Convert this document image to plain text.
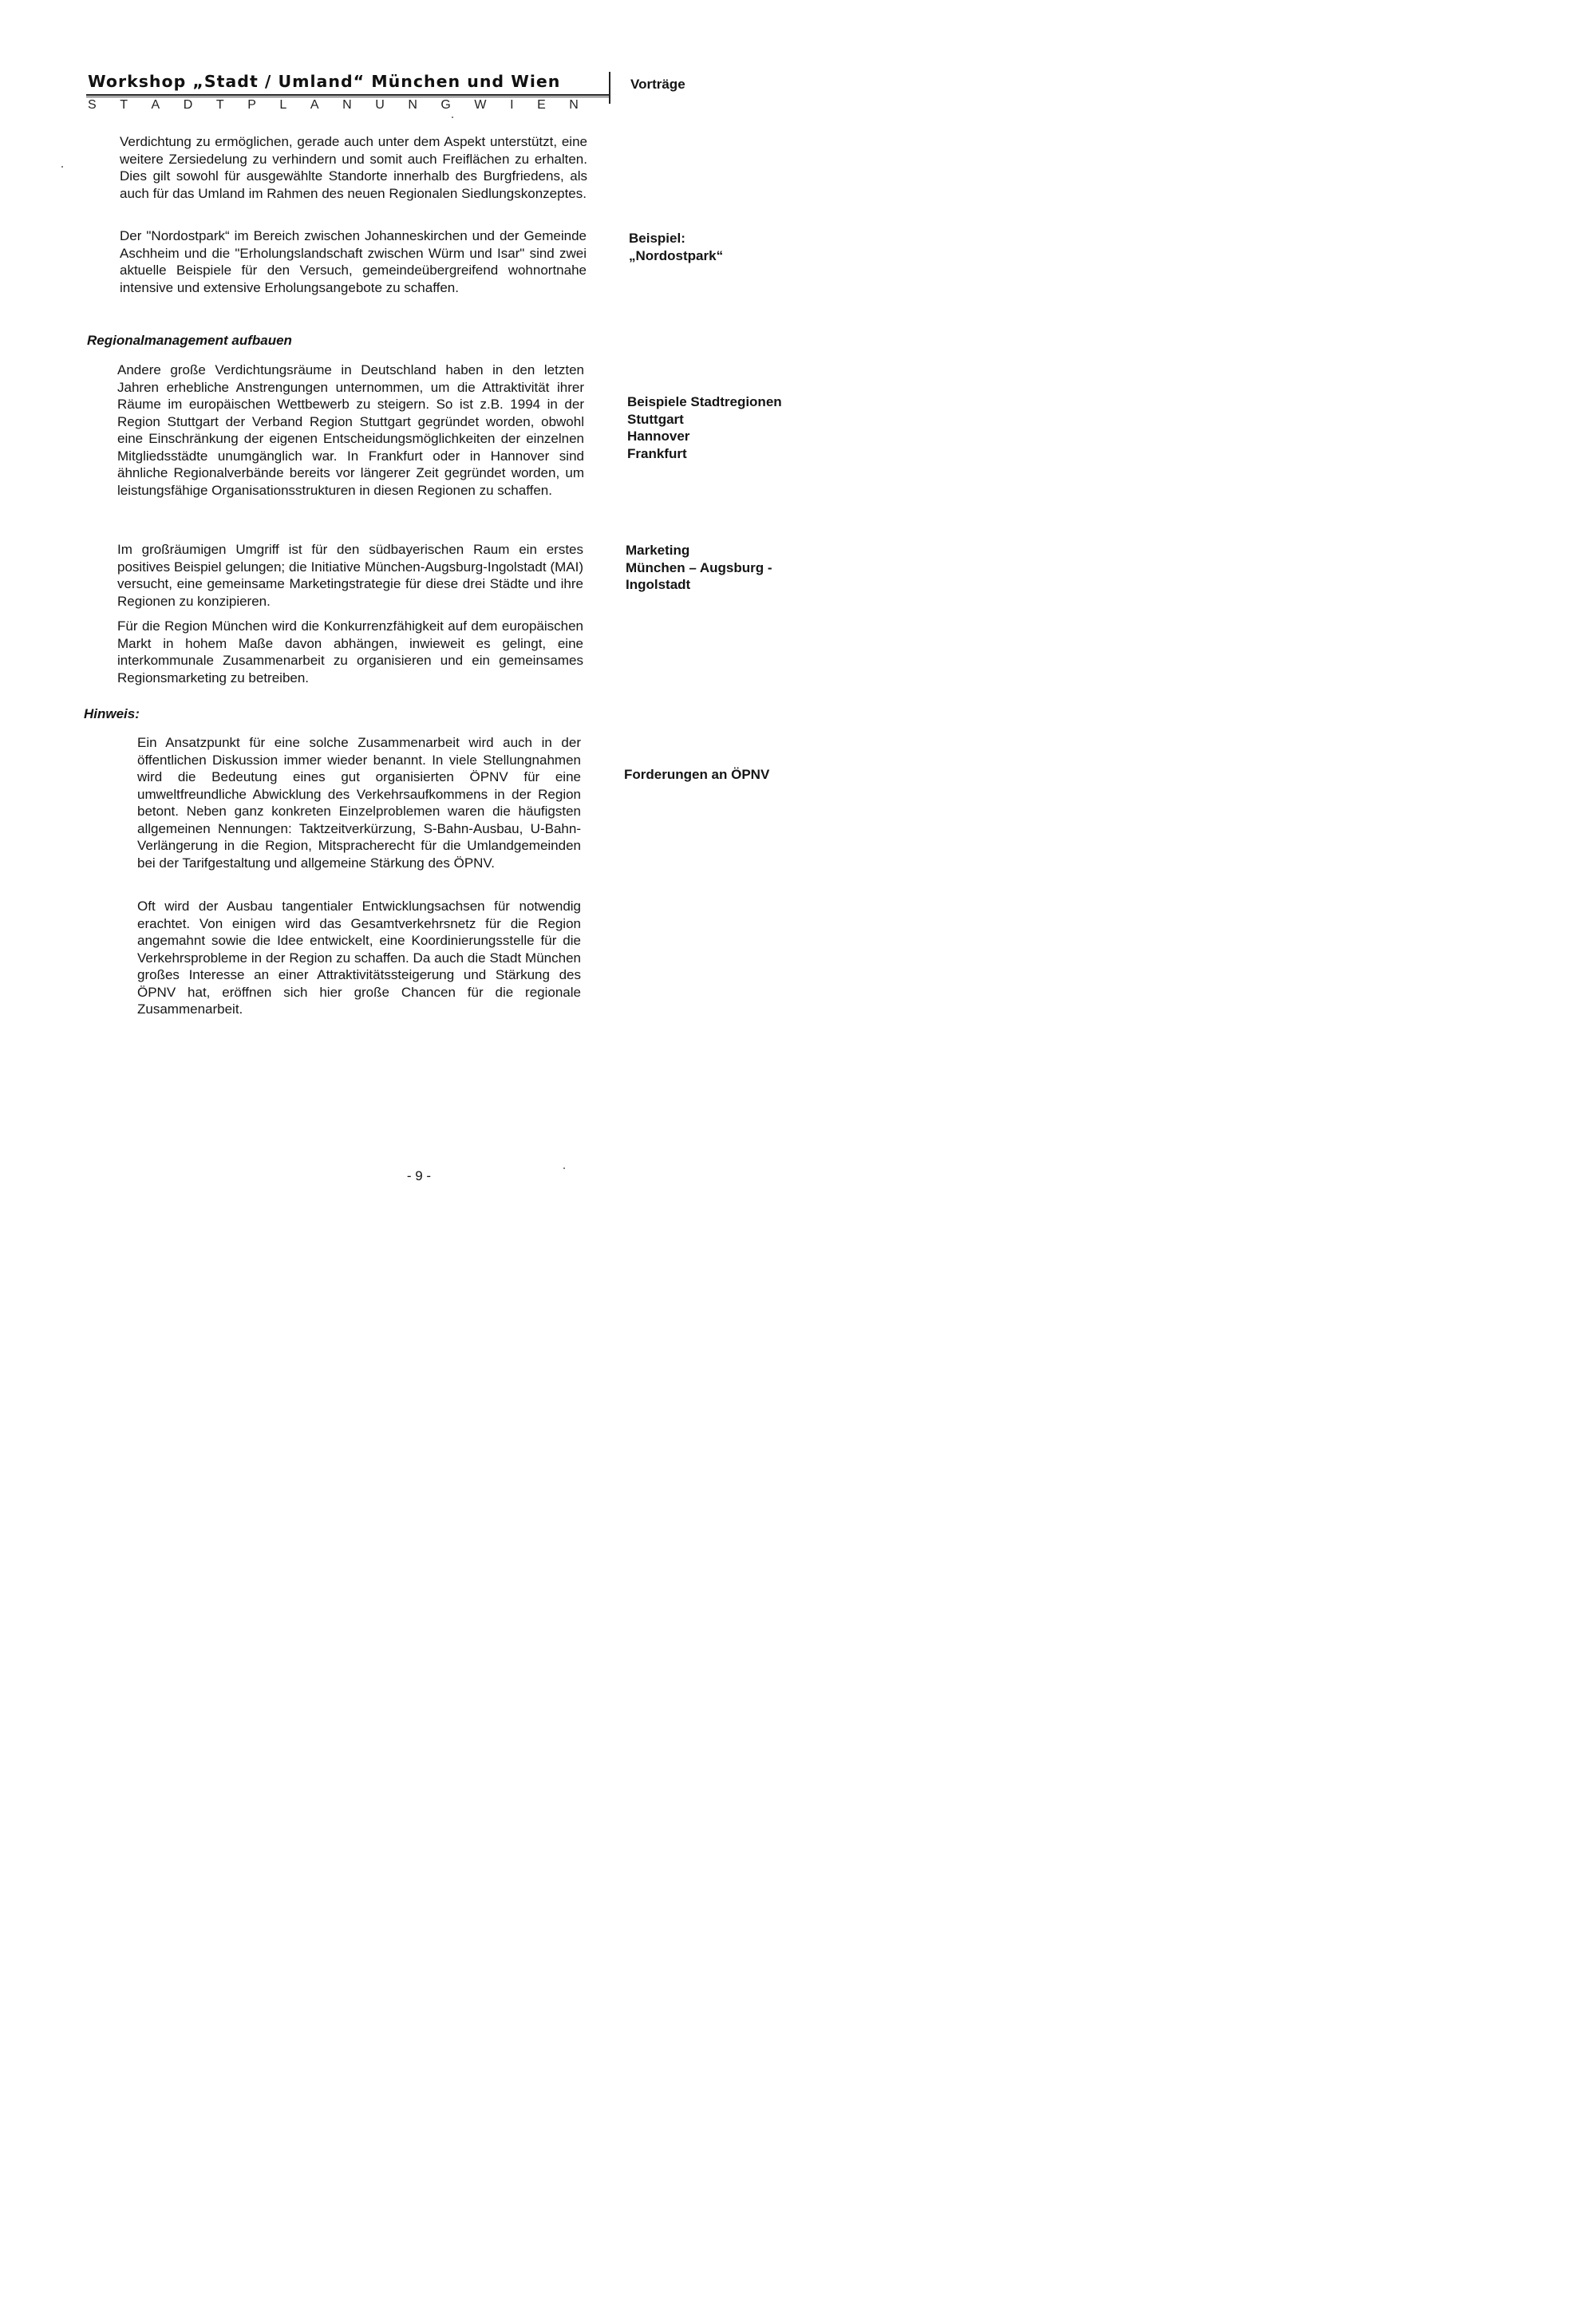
Workshop „Stadt / Umland“ München und Wien
S T A D T P L A N U N G W I E N
Vorträge

Verdichtung zu ermöglichen, gerade auch unter dem Aspekt unterstützt, eine weitere Zersiedelung zu verhindern und somit auch Freiflächen zu erhalten. Dies gilt sowohl für ausgewählte Standorte innerhalb des Burgfriedens, als auch für das Umland im Rahmen des neuen Regionalen Siedlungskonzeptes.

Der "Nordostpark“ im Bereich zwischen Johanneskirchen und der Gemeinde Aschheim und die "Erholungslandschaft zwischen Würm und Isar" sind zwei aktuelle Beispiele für den Versuch, gemeindeübergreifend wohnortnahe intensive und extensive Erholungsangebote zu schaffen.

Regionalmanagement aufbauen

Andere große Verdichtungsräume in Deutschland haben in den letzten Jahren erhebliche Anstrengungen unternommen, um die Attraktivität ihrer Räume im europäischen Wettbewerb zu steigern. So ist z.B. 1994 in der Region Stuttgart der Verband Region Stuttgart gegründet worden, obwohl eine Einschränkung der eigenen Entscheidungsmöglichkeiten der einzelnen Mitgliedsstädte unumgänglich war. In Frankfurt oder in Hannover sind ähnliche Regionalverbände bereits vor längerer Zeit gegründet worden, um leistungsfähige Organisationsstrukturen in diesen Regionen zu schaffen.

Im großräumigen Umgriff ist für den südbayerischen Raum ein erstes positives Beispiel gelungen; die Initiative München-Augsburg-Ingolstadt (MAI) versucht, eine gemeinsame Marketingstrategie für diese drei Städte und ihre Regionen zu konzipieren.

Für die Region München wird die Konkurrenzfähigkeit auf dem europäischen Markt in hohem Maße davon abhängen, inwieweit es gelingt, eine interkommunale Zusammenarbeit zu organisieren und ein gemeinsames Regionsmarketing zu betreiben.

Hinweis:

Ein Ansatzpunkt für eine solche Zusammenarbeit wird auch in der öffentlichen Diskussion immer wieder benannt. In viele Stellungnahmen wird die Bedeutung eines gut organisierten ÖPNV für eine umweltfreundliche Abwicklung des Verkehrsaufkommens in der Region betont. Neben ganz konkreten Einzelproblemen waren die häufigsten allgemeinen Nennungen: Taktzeitverkürzung, S-Bahn-Ausbau, U-Bahn-Verlängerung in die Region, Mitspracherecht für die Umlandgemeinden bei der Tarifgestaltung und allgemeine Stärkung des ÖPNV.

Oft wird der Ausbau tangentialer Entwicklungsachsen für notwendig erachtet. Von einigen wird das Gesamtverkehrsnetz für die Region angemahnt sowie die Idee entwickelt, eine Koordinierungsstelle für die Verkehrsprobleme in der Region zu schaffen. Da auch die Stadt München großes Interesse an einer Attraktivitätssteigerung und Stärkung des ÖPNV hat, eröffnen sich hier große Chancen für die regionale Zusammenarbeit.

Beispiel:
„Nordostpark“
Beispiele Stadtregionen
Stuttgart
Hannover
Frankfurt
Marketing
München – Augsburg -
Ingolstadt
Forderungen an ÖPNV
- 9 -
